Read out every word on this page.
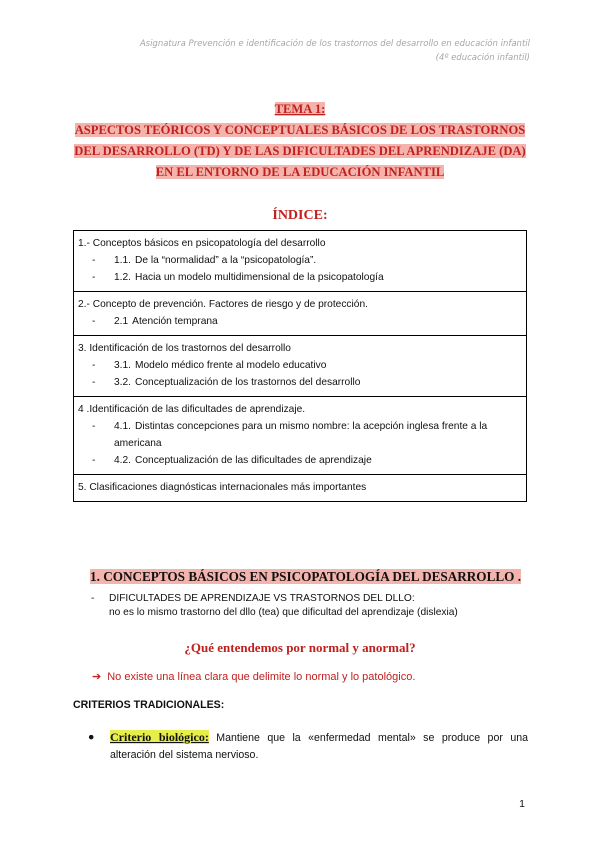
Asignatura Prevención e identificación de los trastornos del desarrollo en educación infantil
(4º educación infantil)
TEMA 1:
ASPECTOS TEÓRICOS Y CONCEPTUALES BÁSICOS DE LOS TRASTORNOS
DEL DESARROLLO (TD) Y DE LAS DIFICULTADES DEL APRENDIZAJE (DA)
EN EL ENTORNO DE LA EDUCACIÓN INFANTIL
ÍNDICE:
1.- Conceptos básicos en psicopatología del desarrollo
-	1.1. De la “normalidad” a la “psicopatología”.
-	1.2. Hacia un modelo multidimensional de la psicopatología

2.- Concepto de prevención. Factores de riesgo y de protección.
-	2.1 Atención temprana

3. Identificación de los trastornos del desarrollo
-	3.1. Modelo médico frente al modelo educativo
-	3.2. Conceptualización de los trastornos del desarrollo

4 .Identificación de las dificultades de aprendizaje.
-	4.1. Distintas concepciones para un mismo nombre: la acepción inglesa frente a la americana
-	4.2. Conceptualización de las dificultades de aprendizaje

5. Clasificaciones diagnósticas internacionales más importantes
1. CONCEPTOS BÁSICOS EN PSICOPATOLOGÍA DEL DESARROLLO .
-	DIFICULTADES DE APRENDIZAJE VS TRASTORNOS DEL DLLO:
no es lo mismo trastorno del dllo (tea) que dificultad del aprendizaje (dislexia)
¿Qué entendemos por normal y anormal?
➔ No existe una línea clara que delimite lo normal y lo patológico.
CRITERIOS TRADICIONALES:
● Criterio biológico: Mantiene que la «enfermedad mental» se produce por una alteración del sistema nervioso.
1
